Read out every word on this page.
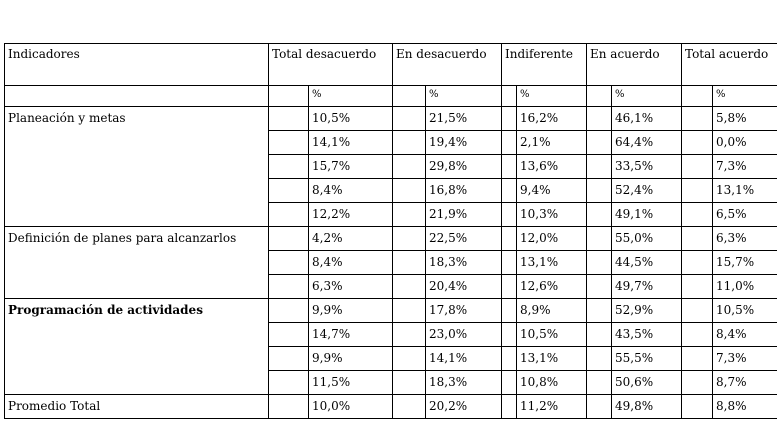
Indicadores	Total desacuerdo		En desacuerdo		Indiferente		En acuerdo		Total acuerdo	
		%		%		%		%		%
Planeación y metas		10,5%		21,5%		16,2%		46,1%		5,8%
		14,1%		19,4%		2,1%		64,4%		0,0%
		15,7%		29,8%		13,6%		33,5%		7,3%
		8,4%		16,8%		9,4%		52,4%		13,1%
		12,2%		21,9%		10,3%		49,1%		6,5%
Definición de planes para alcanzarlos		4,2%		22,5%		12,0%		55,0%		6,3%
		8,4%		18,3%		13,1%		44,5%		15,7%
		6,3%		20,4%		12,6%		49,7%		11,0%
Programación de actividades		9,9%		17,8%		8,9%		52,9%		10,5%
		14,7%		23,0%		10,5%		43,5%		8,4%
		9,9%		14,1%		13,1%		55,5%		7,3%
		11,5%		18,3%		10,8%		50,6%		8,7%
Promedio Total		10,0%		20,2%		11,2%		49,8%		8,8%
